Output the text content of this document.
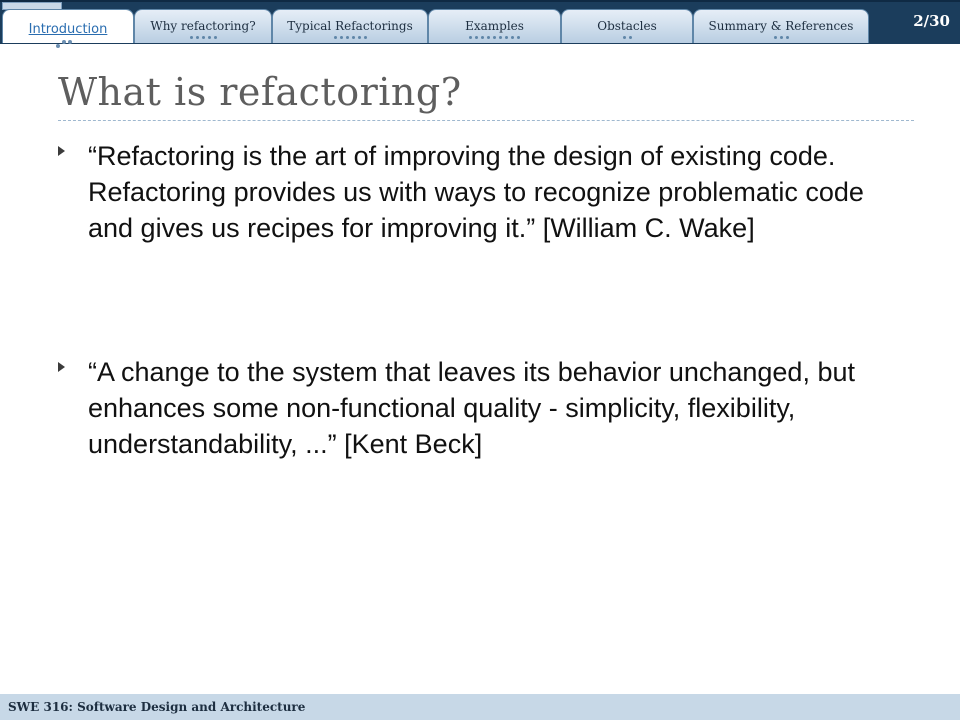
Introduction	Why refactoring?	Typical Refactorings	Examples	Obstacles	Summary & References	2/30
What is refactoring?
“Refactoring is the art of improving the design of existing code. Refactoring provides us with ways to recognize problematic code and gives us recipes for improving it.” [William C. Wake]
“A change to the system that leaves its behavior unchanged, but enhances some non-functional quality - simplicity, flexibility, understandability, ...” [Kent Beck]
SWE 316: Software Design and Architecture
